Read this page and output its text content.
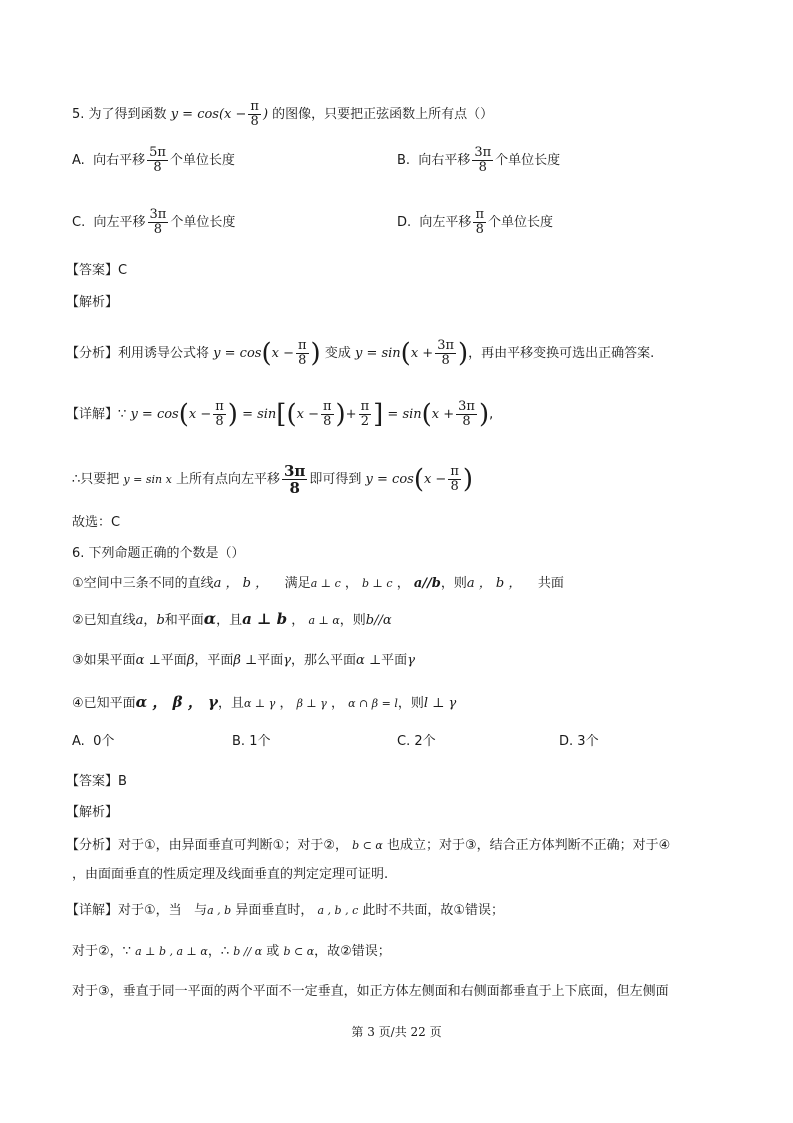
5. 为了得到函数 $y = \cos(x - \frac{\pi}{8}$ ) 的图像，只要把正弦函数上所有点（）
A. 向右平移 $\frac{5\pi}{8}$ 个单位长度	B. 向右平移 $\frac{3\pi}{8}$ 个单位长度
C. 向左平移 $\frac{3\pi}{8}$ 个单位长度	D. 向左平移 $\frac{\pi}{8}$ 个单位长度
【答案】C
【解析】
【分析】利用诱导公式将 $y = \cos(x - \frac{\pi}{8}$ ) 变成 $y = \sin(x + \frac{3\pi}{8}$ )，再由平移变换可选出正确答案.
【详解】∵ $y = \cos(x - \frac{\pi}{8}$ ) = $\sin[(x - \frac{\pi}{8}$ )+ $\frac{\pi}{2}$ ] = $\sin(x + \frac{3\pi}{8}$ ),
∴只要把 y = sin x 上所有点向左平移 $\frac{3\pi}{8}$ 即可得到 $y = \cos(x - \frac{\pi}{8}$ )
故选：C
6. 下列命题正确的个数是（）
①空间中三条不同的直线a ， b ， 满足a ⊥ c ， b ⊥ c ， a//b，则a ， b ， 共面
②已知直线a，b和平面α，且a ⊥ b ， a ⊥ α，则b//α
③如果平面α ⊥平面β，平面β ⊥平面γ，那么平面α ⊥平面γ
④已知平面α ， β ， γ，且α ⊥ γ ， β ⊥ γ ， α ∩ β = l，则l ⊥ γ
A. 0个	B. 1个	C. 2个	D. 3个
【答案】B
【解析】
【分析】对于①，由异面垂直可判断①；对于②， b ⊂ α 也成立；对于③，结合正方体判断不正确；对于④
，由面面垂直的性质定理及线面垂直的判定定理可证明.
【详解】对于①，当 与a , b 异面垂直时， a , b , c 此时不共面，故①错误；
对于②，∵ a ⊥ b , a ⊥ α，∴ b // α 或 b ⊂ α，故②错误；
对于③，垂直于同一平面的两个平面不一定垂直，如正方体左侧面和右侧面都垂直于上下底面，但左侧面
第 3 页/共 22 页
